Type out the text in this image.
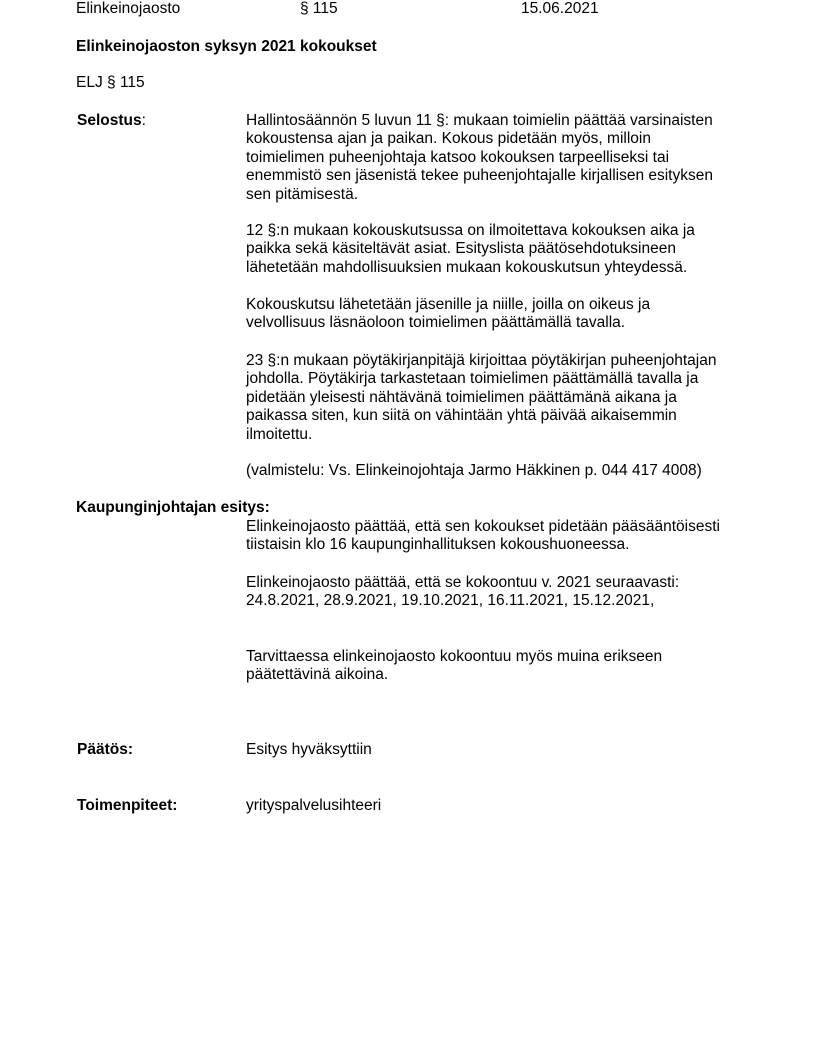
Elinkeinojaosto	§ 115	15.06.2021
Elinkeinojaoston syksyn 2021 kokoukset
ELJ § 115
Selostus:	Hallintosäännön 5 luvun 11 §: mukaan toimielin päättää varsinaisten
kokoustensa ajan ja paikan. Kokous pidetään myös, milloin
toimielimen puheenjohtaja katsoo kokouksen tarpeelliseksi tai
enemmistö sen jäsenistä tekee puheenjohtajalle kirjallisen esityksen
sen pitämisestä.
12 §:n mukaan kokouskutsussa on ilmoitettava kokouksen aika ja
paikka sekä käsiteltävät asiat. Esityslista päätösehdotuksineen
lähetetään mahdollisuuksien mukaan kokouskutsun yhteydessä.
Kokouskutsu lähetetään jäsenille ja niille, joilla on oikeus ja
velvollisuus läsnäoloon toimielimen päättämällä tavalla.
23 §:n mukaan pöytäkirjanpitäjä kirjoittaa pöytäkirjan puheenjohtajan
johdolla. Pöytäkirja tarkastetaan toimielimen päättämällä tavalla ja
pidetään yleisesti nähtävänä toimielimen päättämänä aikana ja
paikassa siten, kun siitä on vähintään yhtä päivää aikaisemmin
ilmoitettu.
(valmistelu: Vs. Elinkeinojohtaja Jarmo Häkkinen p. 044 417 4008)
Kaupunginjohtajan esitys:
Elinkeinojaosto päättää, että sen kokoukset pidetään pääsääntöisesti
tiistaisin klo 16 kaupunginhallituksen kokoushuoneessa.
Elinkeinojaosto päättää, että se kokoontuu v. 2021 seuraavasti:
24.8.2021, 28.9.2021, 19.10.2021, 16.11.2021, 15.12.2021,
Tarvittaessa elinkeinojaosto kokoontuu myös muina erikseen
päätettävinä aikoina.
Päätös:	Esitys hyväksyttiin
Toimenpiteet:	yrityspalvelusihteeri
